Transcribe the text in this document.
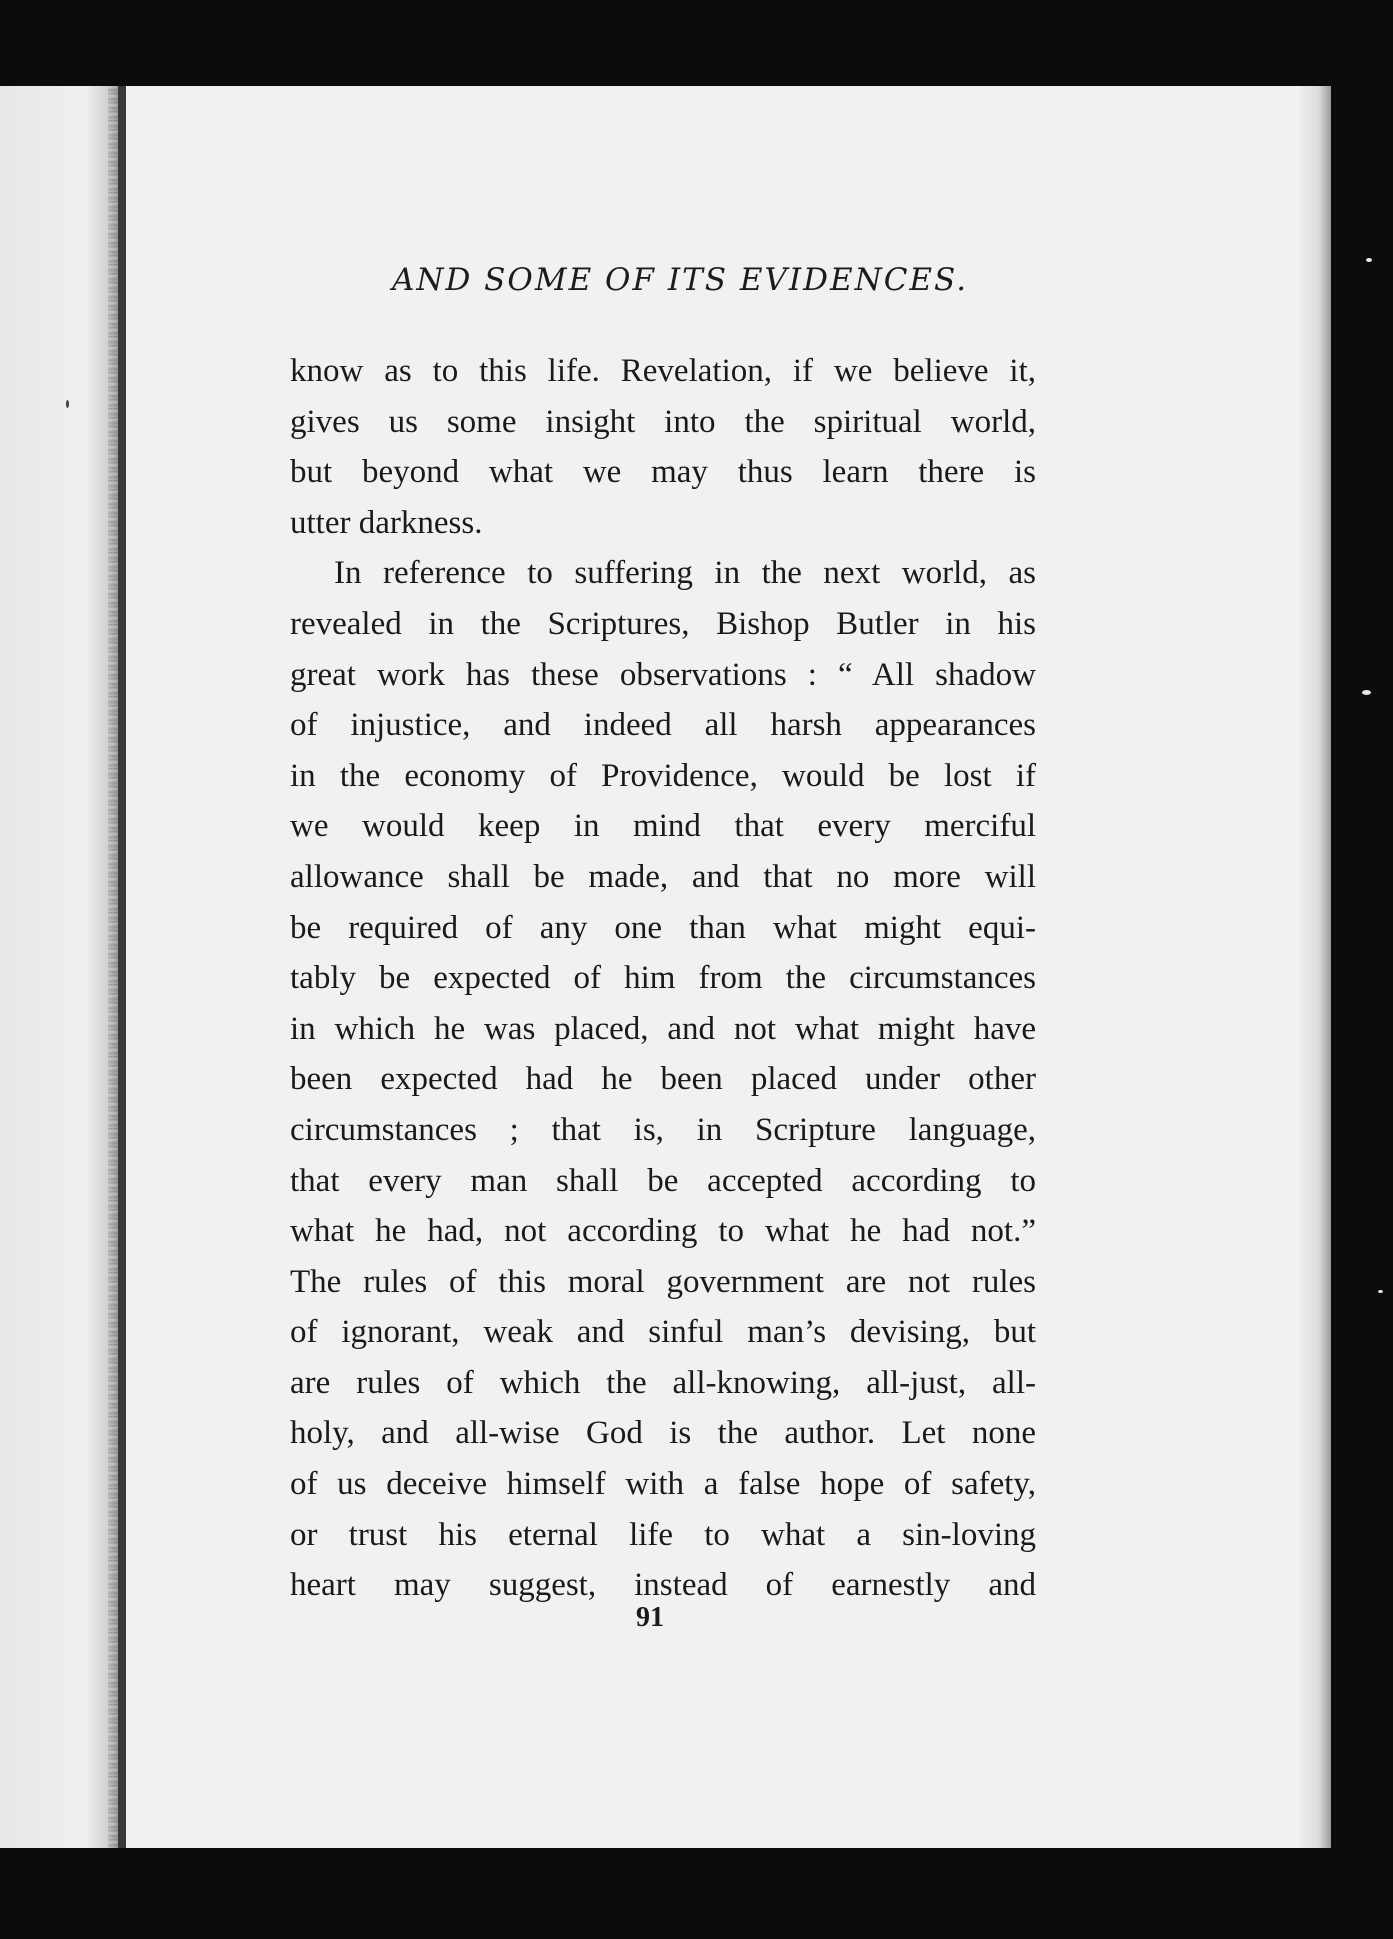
AND SOME OF ITS EVIDENCES.
know as to this life. Revelation, if we believe it,
gives us some insight into the spiritual world,
but beyond what we may thus learn there is
utter darkness.
In reference to suffering in the next world, as
revealed in the Scriptures, Bishop Butler in his
great work has these observations : “ All shadow
of injustice, and indeed all harsh appearances
in the economy of Providence, would be lost if
we would keep in mind that every merciful
allowance shall be made, and that no more will
be required of any one than what might equi-
tably be expected of him from the circumstances
in which he was placed, and not what might have
been expected had he been placed under other
circumstances ; that is, in Scripture language,
that every man shall be accepted according to
what he had, not according to what he had not.”
The rules of this moral government are not rules
of ignorant, weak and sinful man’s devising, but
are rules of which the all-knowing, all-just, all-
holy, and all-wise God is the author. Let none
of us deceive himself with a false hope of safety,
or trust his eternal life to what a sin-loving
heart may suggest, instead of earnestly and
91
